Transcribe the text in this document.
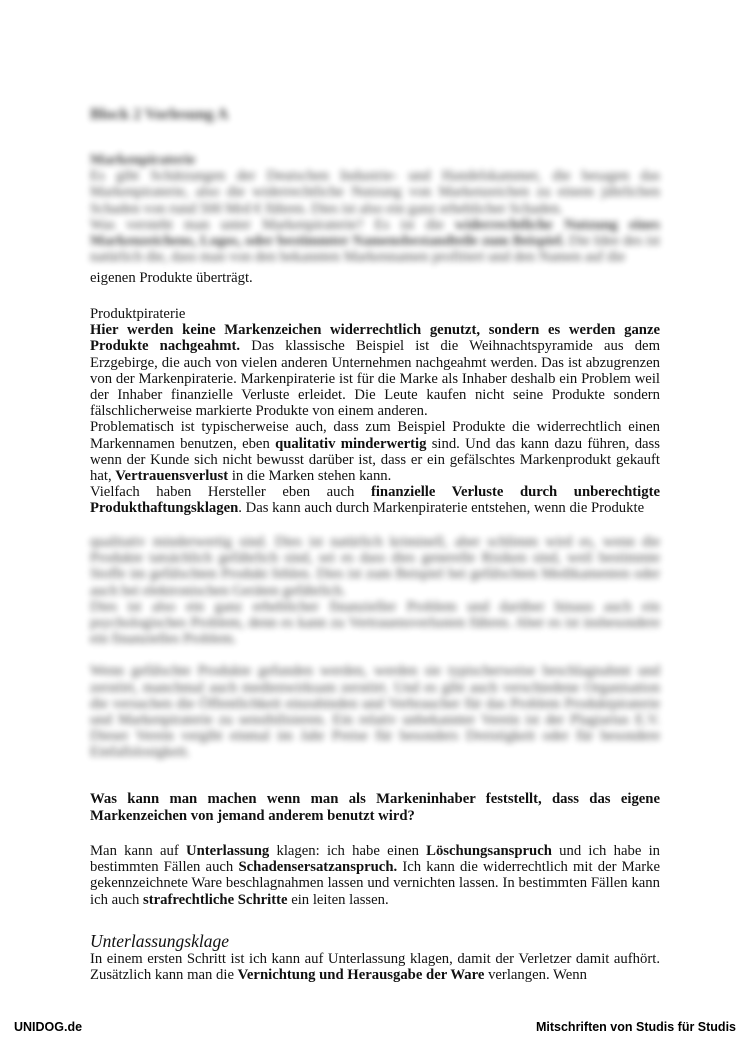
Block 2 Vorlesung A

Markenpiraterie

Es gibt Schätzungen der Deutschen Industrie- und Handelskammer, die besagen das Markenpiraterie, also die widerrechtliche Nutzung von Markenzeichen zu einem jährlichen Schaden von rund 500 Mrd € führen. Dies ist also ein ganz erheblicher Schaden.

Was versteht man unter Markenpiraterie? Es ist die widerrechtliche Nutzung eines Markenzeichens, Logos, oder bestimmter Namensbestandteile zum Beispiel. Die Idee des ist natürlich die, dass man von den bekannten Markennamen profitiert und den Namen auf die

eigenen Produkte überträgt.

Produktpiraterie

Hier werden keine Markenzeichen widerrechtlich genutzt, sondern es werden ganze Produkte nachgeahmt. Das klassische Beispiel ist die Weihnachtspyramide aus dem Erzgebirge, die auch von vielen anderen Unternehmen nachgeahmt werden. Das ist abzugrenzen von der Markenpiraterie. Markenpiraterie ist für die Marke als Inhaber deshalb ein Problem weil der Inhaber finanzielle Verluste erleidet. Die Leute kaufen nicht seine Produkte sondern fälschlicherweise markierte Produkte von einem anderen.

Problematisch ist typischerweise auch, dass zum Beispiel Produkte die widerrechtlich einen Markennamen benutzen, eben qualitativ minderwertig sind. Und das kann dazu führen, dass wenn der Kunde sich nicht bewusst darüber ist, dass er ein gefälschtes Markenprodukt gekauft hat, Vertrauensverlust in die Marken stehen kann.

Vielfach haben Hersteller eben auch finanzielle Verluste durch unberechtigte Produkthaftungsklagen. Das kann auch durch Markenpiraterie entstehen, wenn die Produkte

qualitativ minderwertig sind. Dies ist natürlich kriminell, aber schlimm wird es, wenn die Produkte tatsächlich gefährlich sind, sei es dass dies generelle Risiken sind, weil bestimmte Stoffe im gefälschten Produkt fehlen. Dies ist zum Beispiel bei gefälschten Medikamenten oder auch bei elektronischen Geräten gefährlich.

Dies ist also ein ganz erheblicher finanzieller Problem und darüber hinaus auch ein psychologisches Problem, denn es kann zu Vertrauensverlusten führen. Aber es ist insbesondere ein finanzielles Problem.

Wenn gefälschte Produkte gefunden werden, werden sie typischerweise beschlagnahmt und zerstört, manchmal auch medienwirksam zerstört. Und es gibt auch verschiedene Organisation die versuchen die Öffentlichkeit einzubinden und Verbraucher für das Problem Produktpiraterie und Markenpiraterie zu sensibilisieren. Ein relativ unbekannter Verein ist der Plagiarius E.V. Dieser Verein vergibt einmal im Jahr Preise für besonders Dreistigkeit oder für besondere Einfallslosigkeit.

Was kann man machen wenn man als Markeninhaber feststellt, dass das eigene Markenzeichen von jemand anderem benutzt wird?

Man kann auf Unterlassung klagen: ich habe einen Löschungsanspruch und ich habe in bestimmten Fällen auch Schadensersatzanspruch. Ich kann die widerrechtlich mit der Marke gekennzeichnete Ware beschlagnahmen lassen und vernichten lassen. In bestimmten Fällen kann ich auch strafrechtliche Schritte ein leiten lassen.

Unterlassungsklage

In einem ersten Schritt ist ich kann auf Unterlassung klagen, damit der Verletzer damit aufhört. Zusätzlich kann man die Vernichtung und Herausgabe der Ware verlangen. Wenn

UNIDOG.de	Mitschriften von Studis für Studis
